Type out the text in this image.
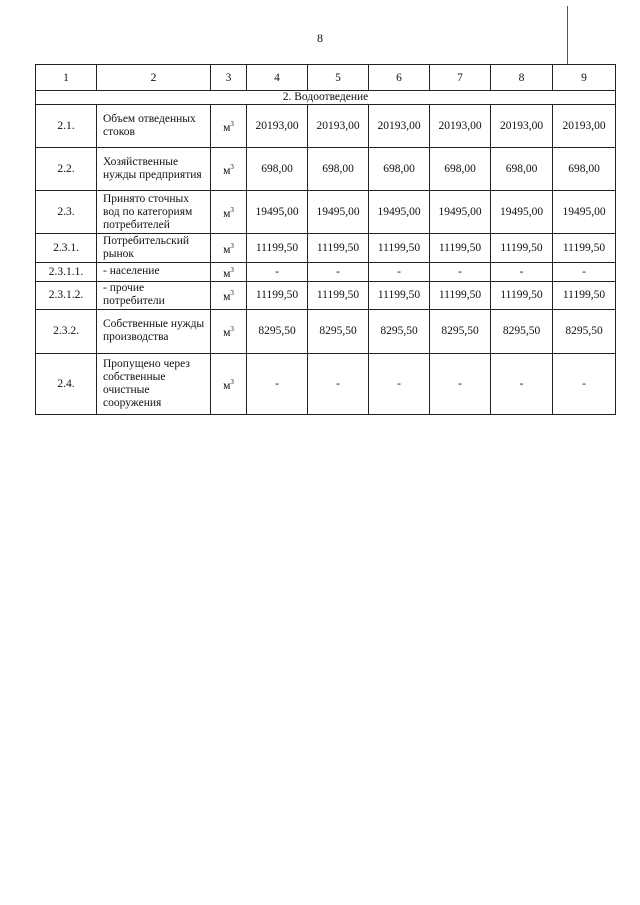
8
1	2	3	4	5	6	7	8	9
2. Водоотведение								
2.1.	Объем отведенных стоков	$м^3$	20193,00	20193,00	20193,00	20193,00	20193,00	20193,00
2.2.	Хозяйственные нужды предприятия	$м^3$	698,00	698,00	698,00	698,00	698,00	698,00
2.3.	Принято сточных вод по категориям потребителей	$м^3$	19495,00	19495,00	19495,00	19495,00	19495,00	19495,00
2.3.1.	Потребительский рынок	$м^3$	11199,50	11199,50	11199,50	11199,50	11199,50	11199,50
2.3.1.1.	- население	$м^3$	-	-	-	-	-	-
2.3.1.2.	- прочие потребители	$м^3$	11199,50	11199,50	11199,50	11199,50	11199,50	11199,50
2.3.2.	Собственные нужды производства	$м^3$	8295,50	8295,50	8295,50	8295,50	8295,50	8295,50
2.4.	Пропущено через собственные очистные сооружения	$м^3$	-	-	-	-	-	-
